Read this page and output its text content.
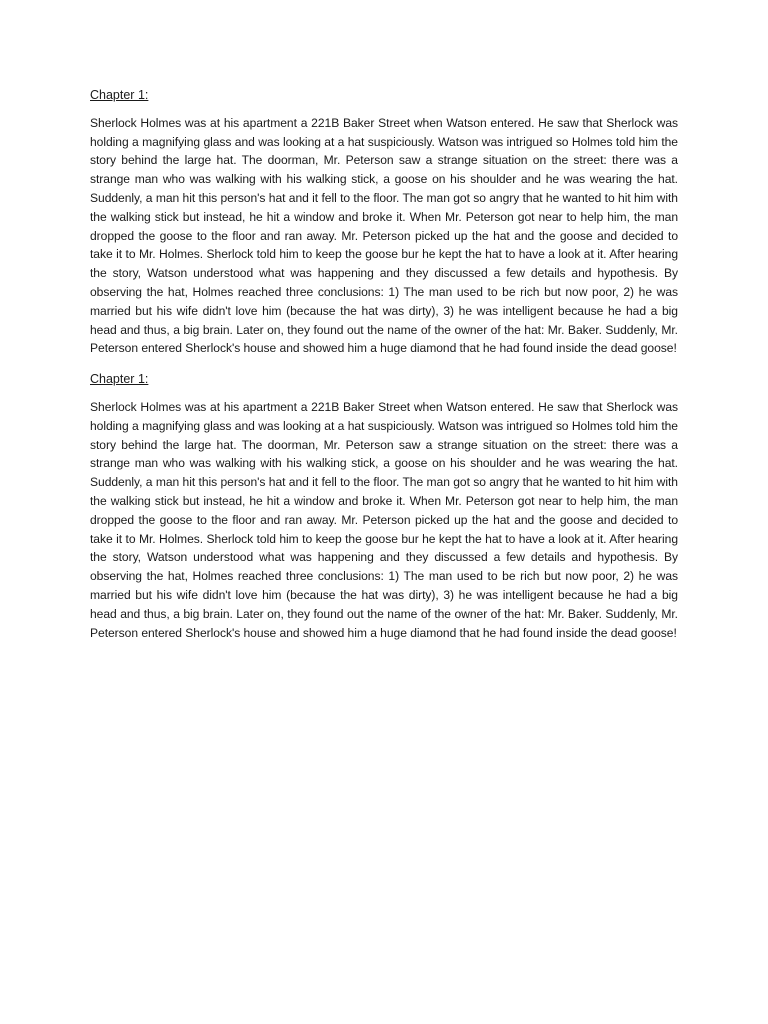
Chapter 1:

Sherlock Holmes was at his apartment a 221B Baker Street when Watson entered. He saw that Sherlock was holding a magnifying glass and was looking at a hat suspiciously. Watson was intrigued so Holmes told him the story behind the large hat. The doorman, Mr. Peterson saw a strange situation on the street: there was a strange man who was walking with his walking stick, a goose on his shoulder and he was wearing the hat. Suddenly, a man hit this person's hat and it fell to the floor. The man got so angry that he wanted to hit him with the walking stick but instead, he hit a window and broke it. When Mr. Peterson got near to help him, the man dropped the goose to the floor and ran away. Mr. Peterson picked up the hat and the goose and decided to take it to Mr. Holmes. Sherlock told him to keep the goose bur he kept the hat to have a look at it. After hearing the story, Watson understood what was happening and they discussed a few details and hypothesis. By observing the hat, Holmes reached three conclusions: 1) The man used to be rich but now poor, 2) he was married but his wife didn't love him (because the hat was dirty), 3) he was intelligent because he had a big head and thus, a big brain. Later on, they found out the name of the owner of the hat: Mr. Baker. Suddenly, Mr. Peterson entered Sherlock's house and showed him a huge diamond that he had found inside the dead goose!

Chapter 1:

Sherlock Holmes was at his apartment a 221B Baker Street when Watson entered. He saw that Sherlock was holding a magnifying glass and was looking at a hat suspiciously. Watson was intrigued so Holmes told him the story behind the large hat. The doorman, Mr. Peterson saw a strange situation on the street: there was a strange man who was walking with his walking stick, a goose on his shoulder and he was wearing the hat. Suddenly, a man hit this person's hat and it fell to the floor. The man got so angry that he wanted to hit him with the walking stick but instead, he hit a window and broke it. When Mr. Peterson got near to help him, the man dropped the goose to the floor and ran away. Mr. Peterson picked up the hat and the goose and decided to take it to Mr. Holmes. Sherlock told him to keep the goose bur he kept the hat to have a look at it. After hearing the story, Watson understood what was happening and they discussed a few details and hypothesis. By observing the hat, Holmes reached three conclusions: 1) The man used to be rich but now poor, 2) he was married but his wife didn't love him (because the hat was dirty), 3) he was intelligent because he had a big head and thus, a big brain. Later on, they found out the name of the owner of the hat: Mr. Baker. Suddenly, Mr. Peterson entered Sherlock's house and showed him a huge diamond that he had found inside the dead goose!
